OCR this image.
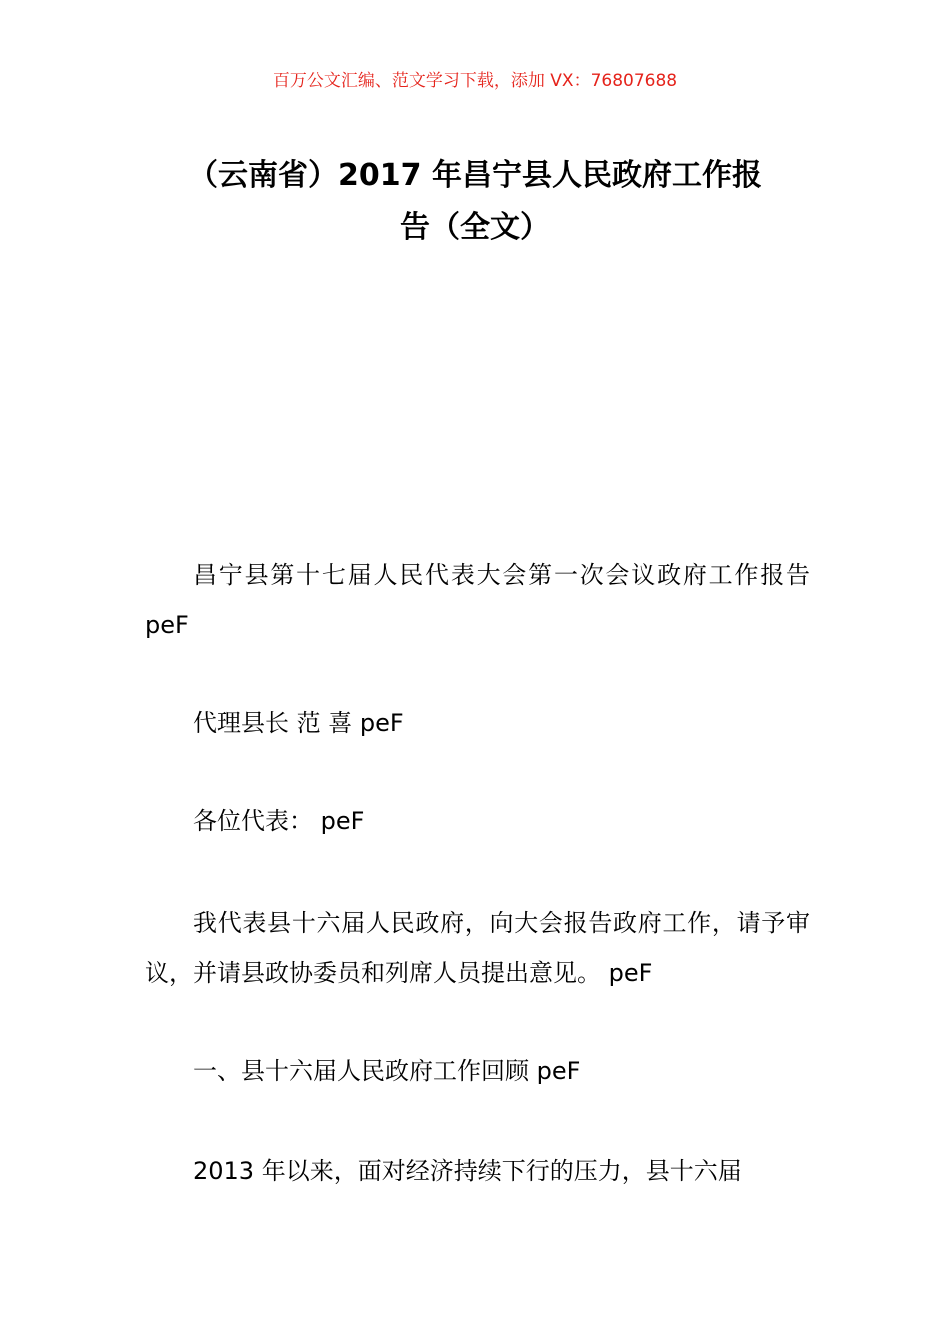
百万公文汇编、范文学习下载，添加 VX：76807688
（云南省）2017 年昌宁县人民政府工作报
告（全文）
昌宁县第十七届人民代表大会第一次会议政府工作报告 peF
代理县长 范 喜 peF
各位代表： peF
我代表县十六届人民政府，向大会报告政府工作，请予审议，并请县政协委员和列席人员提出意见。 peF
一、县十六届人民政府工作回顾 peF
2013 年以来，面对经济持续下行的压力，县十六届
